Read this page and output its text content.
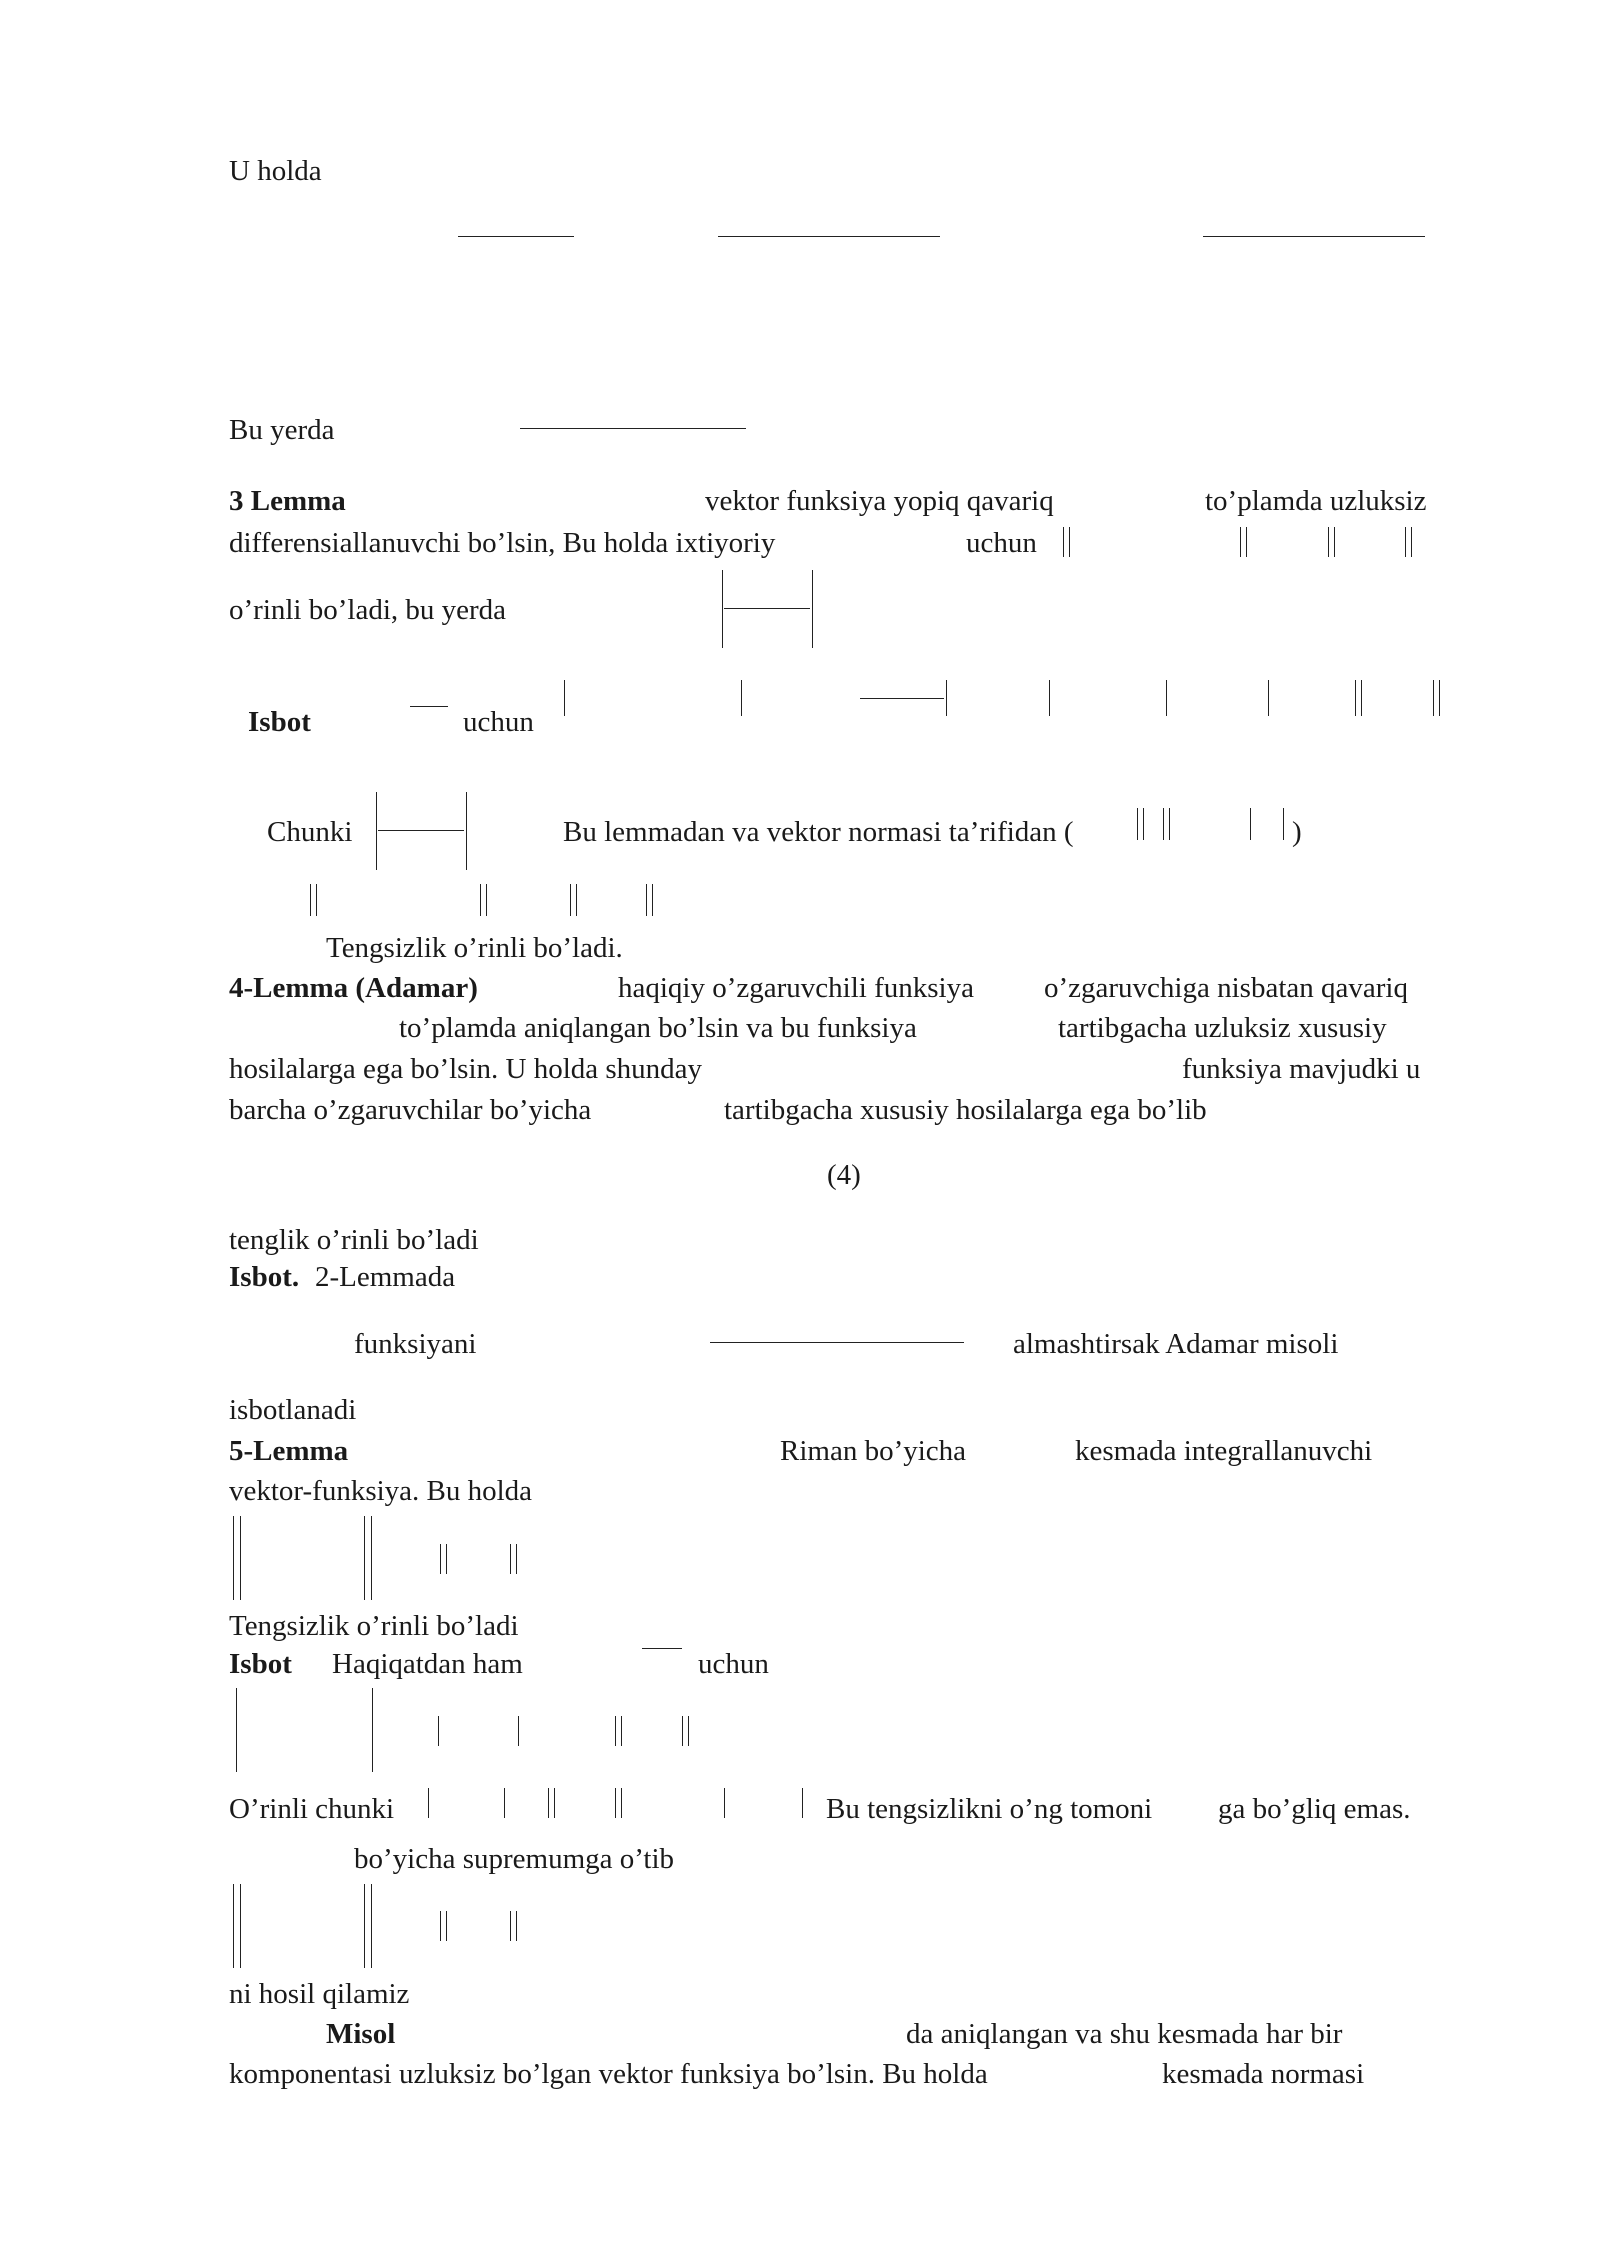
U holda
Bu yerda
3 Lemma	vektor funksiya yopiq qavariq	to’plamda uzluksiz
differensiallanuvchi bo’lsin, Bu holda ixtiyoriy	uchun
o’rinli bo’ladi, bu yerda
Isbot	uchun
Chunki	Bu lemmadan va vektor normasi ta’rifidan (	)
Tengsizlik o’rinli bo’ladi.
4-Lemma (Adamar)	haqiqiy o’zgaruvchili funksiya o’zgaruvchiga nisbatan qavariq
to’plamda aniqlangan bo’lsin va bu funksiya	tartibgacha uzluksiz xususiy
hosilalarga ega bo’lsin. U holda shunday	funksiya mavjudki u
barcha o’zgaruvchilar bo’yicha	tartibgacha xususiy hosilalarga ega bo’lib
(4)
tenglik o’rinli bo’ladi
Isbot. 2-Lemmada
funksiyani	almashtirsak Adamar misoli
isbotlanadi
5-Lemma	Riman bo’yicha	kesmada integrallanuvchi
vektor-funksiya. Bu holda
Tengsizlik o’rinli bo’ladi
Isbot Haqiqatdan ham	uchun
O’rinli chunki	Bu tengsizlikni o’ng tomoni ga bo’gliq emas.
bo’yicha supremumga o’tib
ni hosil qilamiz
Misol	da aniqlangan va shu kesmada har bir
komponentasi uzluksiz bo’lgan vektor funksiya bo’lsin. Bu holda	kesmada normasi
